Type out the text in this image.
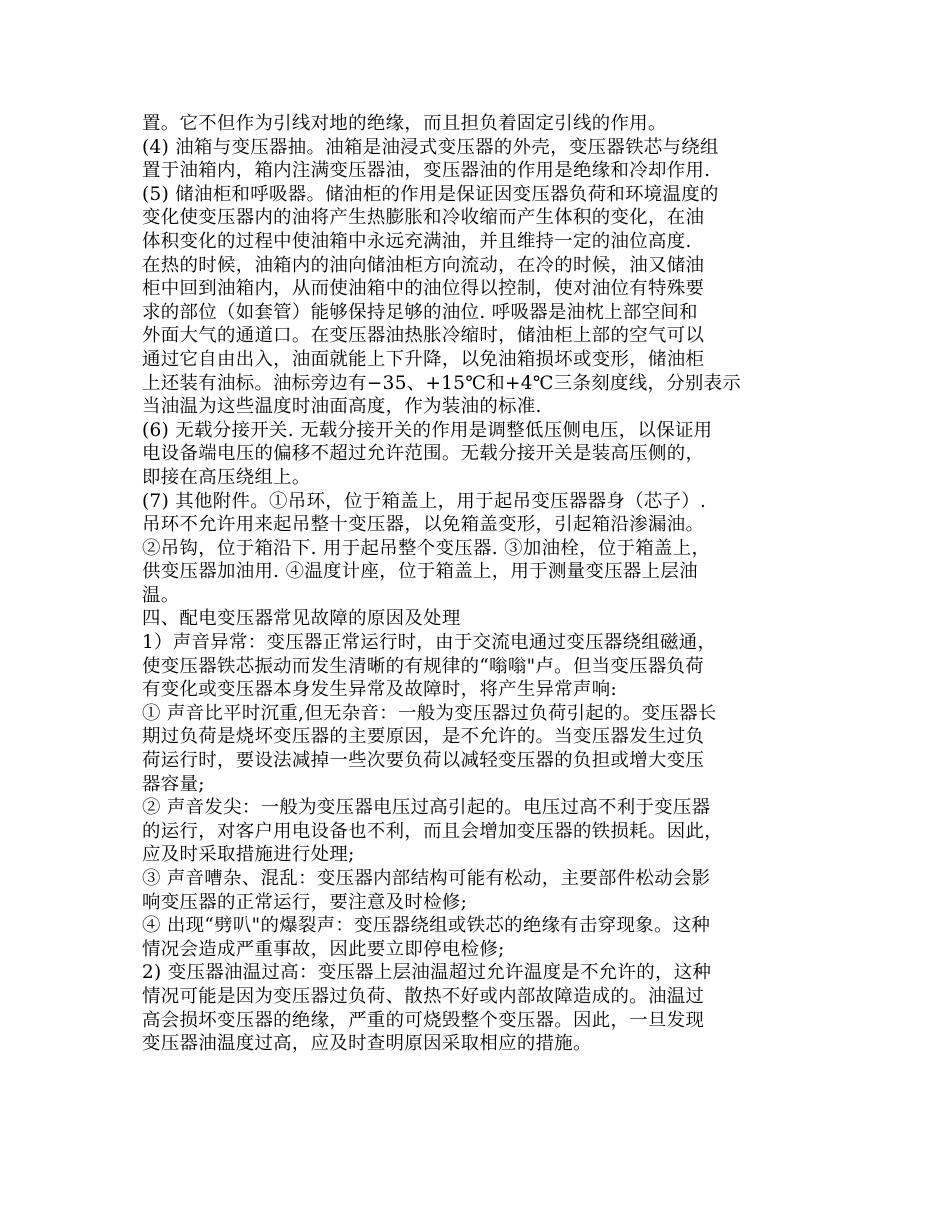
置。它不但作为引线对地的绝缘，而且担负着固定引线的作用。
(4) 油箱与变压器抽。油箱是油浸式变压器的外壳，变压器铁芯与绕组
置于油箱内，箱内注满变压器油，变压器油的作用是绝缘和冷却作用.
(5) 储油柜和呼吸器。储油柜的作用是保证因变压器负荷和环境温度的
变化使变压器内的油将产生热膨胀和冷收缩而产生体积的变化，在油
体积变化的过程中使油箱中永远充满油，并且维持一定的油位高度.
在热的时候，油箱内的油向储油柜方向流动，在冷的时候，油又储油
柜中回到油箱内，从而使油箱中的油位得以控制，使对油位有特殊要
求的部位（如套管）能够保持足够的油位. 呼吸器是油枕上部空间和
外面大气的通道口。在变压器油热胀冷缩时，储油柜上部的空气可以
通过它自由出入，油面就能上下升降，以免油箱损坏或变形，储油柜
上还装有油标。油标旁边有−35、+15℃和+4℃三条刻度线，分别表示
当油温为这些温度时油面高度，作为装油的标准.
(6) 无载分接开关. 无载分接开关的作用是调整低压侧电压，以保证用
电设备端电压的偏移不超过允许范围。无载分接开关是装高压侧的，
即接在高压绕组上。
(7) 其他附件。①吊环，位于箱盖上，用于起吊变压器器身（芯子）.
吊环不允许用来起吊整十变压器，以免箱盖变形，引起箱沿渗漏油。
②吊钩，位于箱沿下. 用于起吊整个变压器. ③加油栓，位于箱盖上，
供变压器加油用. ④温度计座，位于箱盖上，用于测量变压器上层油
温。
四、配电变压器常见故障的原因及处理
1）声音异常：变压器正常运行时，由于交流电通过变压器绕组磁通，
使变压器铁芯振动而发生清晰的有规律的“嗡嗡"卢。但当变压器负荷
有变化或变压器本身发生异常及故障时，将产生异常声响:
① 声音比平时沉重,但无杂音：一般为变压器过负荷引起的。变压器长
期过负荷是烧坏变压器的主要原因，是不允许的。当变压器发生过负
荷运行时，要设法减掉一些次要负荷以减轻变压器的负担或增大变压
器容量;
② 声音发尖：一般为变压器电压过高引起的。电压过高不利于变压器
的运行，对客户用电设备也不利，而且会增加变压器的铁损耗。因此，
应及时采取措施进行处理;
③ 声音嘈杂、混乱：变压器内部结构可能有松动，主要部件松动会影
响变压器的正常运行，要注意及时检修;
④ 出现“劈叭"的爆裂声：变压器绕组或铁芯的绝缘有击穿现象。这种
情况会造成严重事故，因此要立即停电检修;
2) 变压器油温过高：变压器上层油温超过允许温度是不允许的，这种
情况可能是因为变压器过负荷、散热不好或内部故障造成的。油温过
高会损坏变压器的绝缘，严重的可烧毁整个变压器。因此，一旦发现
变压器油温度过高，应及时查明原因采取相应的措施。
